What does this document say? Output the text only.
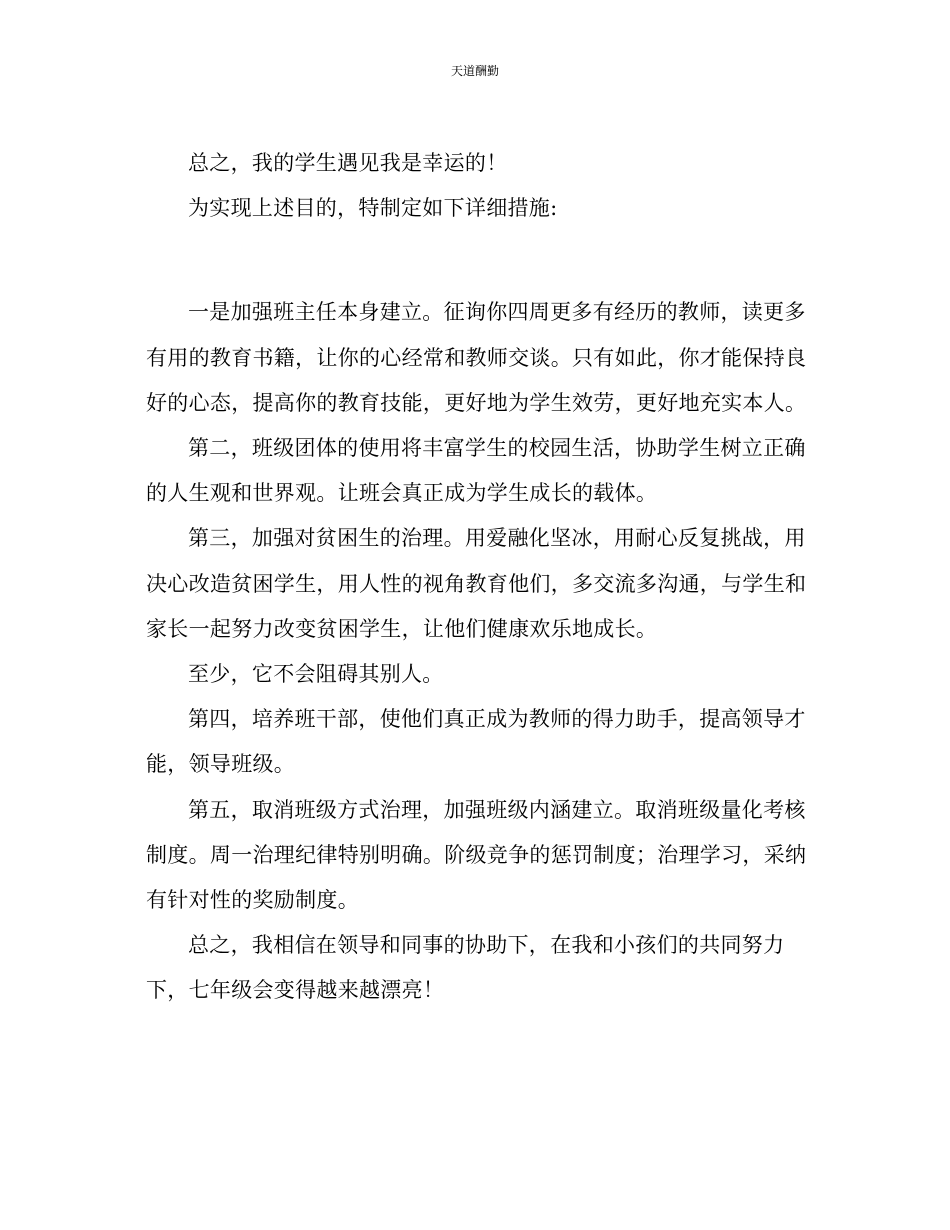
天道酬勤

总之，我的学生遇见我是幸运的！

为实现上述目的，特制定如下详细措施:

一是加强班主任本身建立。征询你四周更多有经历的教师，读更多有用的教育书籍，让你的心经常和教师交谈。只有如此，你才能保持良好的心态，提高你的教育技能，更好地为学生效劳，更好地充实本人。

第二，班级团体的使用将丰富学生的校园生活，协助学生树立正确的人生观和世界观。让班会真正成为学生成长的载体。

第三，加强对贫困生的治理。用爱融化坚冰，用耐心反复挑战，用决心改造贫困学生，用人性的视角教育他们，多交流多沟通，与学生和家长一起努力改变贫困学生，让他们健康欢乐地成长。

至少，它不会阻碍其别人。

第四，培养班干部，使他们真正成为教师的得力助手，提高领导才能，领导班级。

第五，取消班级方式治理，加强班级内涵建立。取消班级量化考核制度。周一治理纪律特别明确。阶级竞争的惩罚制度；治理学习，采纳有针对性的奖励制度。

总之，我相信在领导和同事的协助下，在我和小孩们的共同努力下，七年级会变得越来越漂亮！
